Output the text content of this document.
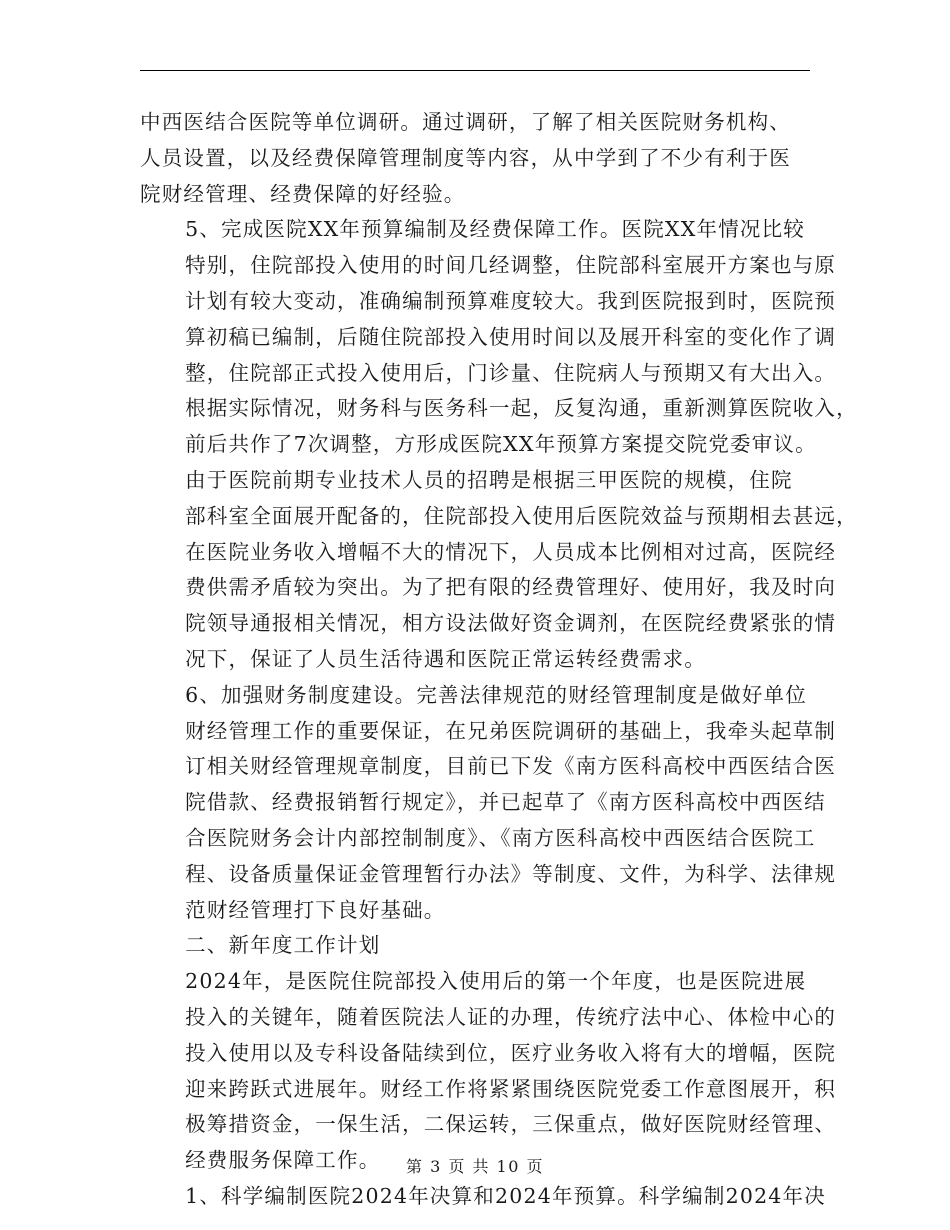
中西医结合医院等单位调研。通过调研，了解了相关医院财务机构、
人员设置，以及经费保障管理制度等内容，从中学到了不少有利于医
院财经管理、经费保障的好经验。

5、完成医院XX年预算编制及经费保障工作。医院XX年情况比较
特别，住院部投入使用的时间几经调整，住院部科室展开方案也与原
计划有较大变动，准确编制预算难度较大。我到医院报到时，医院预
算初稿已编制，后随住院部投入使用时间以及展开科室的变化作了调
整，住院部正式投入使用后，门诊量、住院病人与预期又有大出入。
根据实际情况，财务科与医务科一起，反复沟通，重新测算医院收入，
前后共作了7次调整，方形成医院XX年预算方案提交院党委审议。

由于医院前期专业技术人员的招聘是根据三甲医院的规模，住院
部科室全面展开配备的，住院部投入使用后医院效益与预期相去甚远，
在医院业务收入增幅不大的情况下，人员成本比例相对过高，医院经
费供需矛盾较为突出。为了把有限的经费管理好、使用好，我及时向
院领导通报相关情况，相方设法做好资金调剂，在医院经费紧张的情
况下，保证了人员生活待遇和医院正常运转经费需求。

6、加强财务制度建设。完善法律规范的财经管理制度是做好单位
财经管理工作的重要保证，在兄弟医院调研的基础上，我牵头起草制
订相关财经管理规章制度，目前已下发《南方医科高校中西医结合医
院借款、经费报销暂行规定》，并已起草了《南方医科高校中西医结
合医院财务会计内部控制制度》、《南方医科高校中西医结合医院工
程、设备质量保证金管理暂行办法》等制度、文件，为科学、法律规
范财经管理打下良好基础。

二、新年度工作计划

2024年，是医院住院部投入使用后的第一个年度，也是医院进展
投入的关键年，随着医院法人证的办理，传统疗法中心、体检中心的
投入使用以及专科设备陆续到位，医疗业务收入将有大的增幅，医院
迎来跨跃式进展年。财经工作将紧紧围绕医院党委工作意图展开，积
极筹措资金，一保生活，二保运转，三保重点，做好医院财经管理、
经费服务保障工作。

1、科学编制医院2024年决算和2024年预算。科学编制2024年决

第 3 页 共 10 页
